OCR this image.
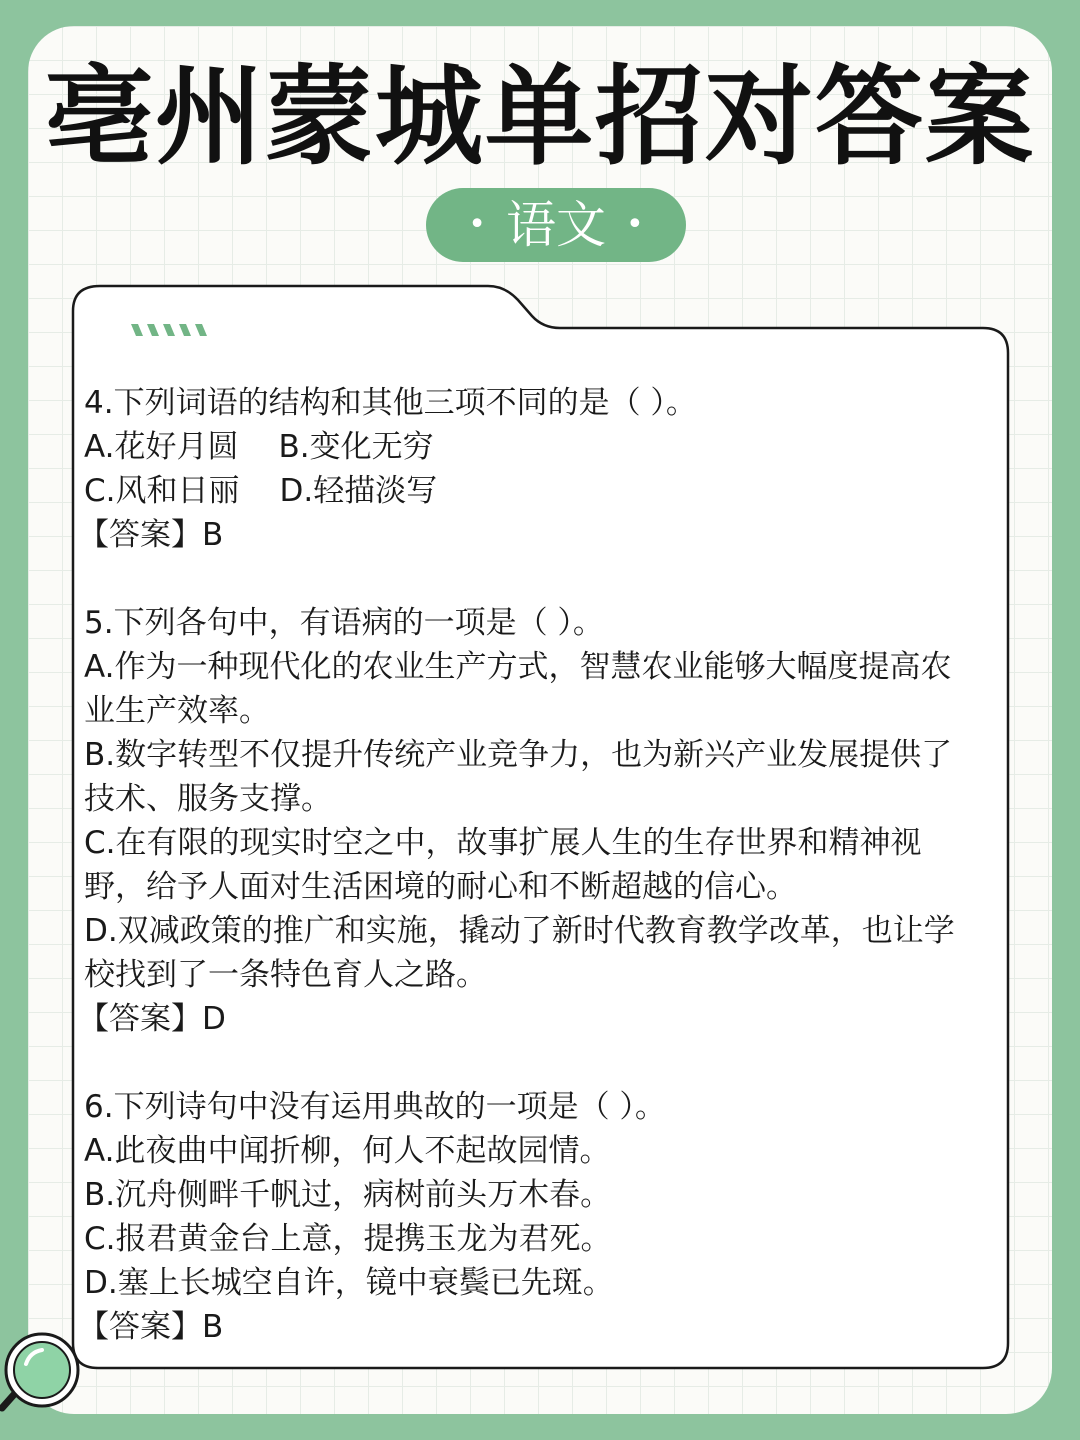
亳州蒙城单招对答案
• 语文 •
4.下列词语的结构和其他三项不同的是（ ）。
A.花好月圆 B.变化无穷
C.风和日丽 D.轻描淡写
【答案】B
5.下列各句中，有语病的一项是（ ）。
A.作为一种现代化的农业生产方式，智慧农业能够大幅度提高农
业生产效率。
B.数字转型不仅提升传统产业竞争力，也为新兴产业发展提供了
技术、服务支撑。
C.在有限的现实时空之中，故事扩展人生的生存世界和精神视
野，给予人面对生活困境的耐心和不断超越的信心。
D.双减政策的推广和实施，撬动了新时代教育教学改革，也让学
校找到了一条特色育人之路。
【答案】D
6.下列诗句中没有运用典故的一项是（ ）。
A.此夜曲中闻折柳，何人不起故园情。
B.沉舟侧畔千帆过，病树前头万木春。
C.报君黄金台上意，提携玉龙为君死。
D.塞上长城空自许，镜中衰鬓已先斑。
【答案】B
